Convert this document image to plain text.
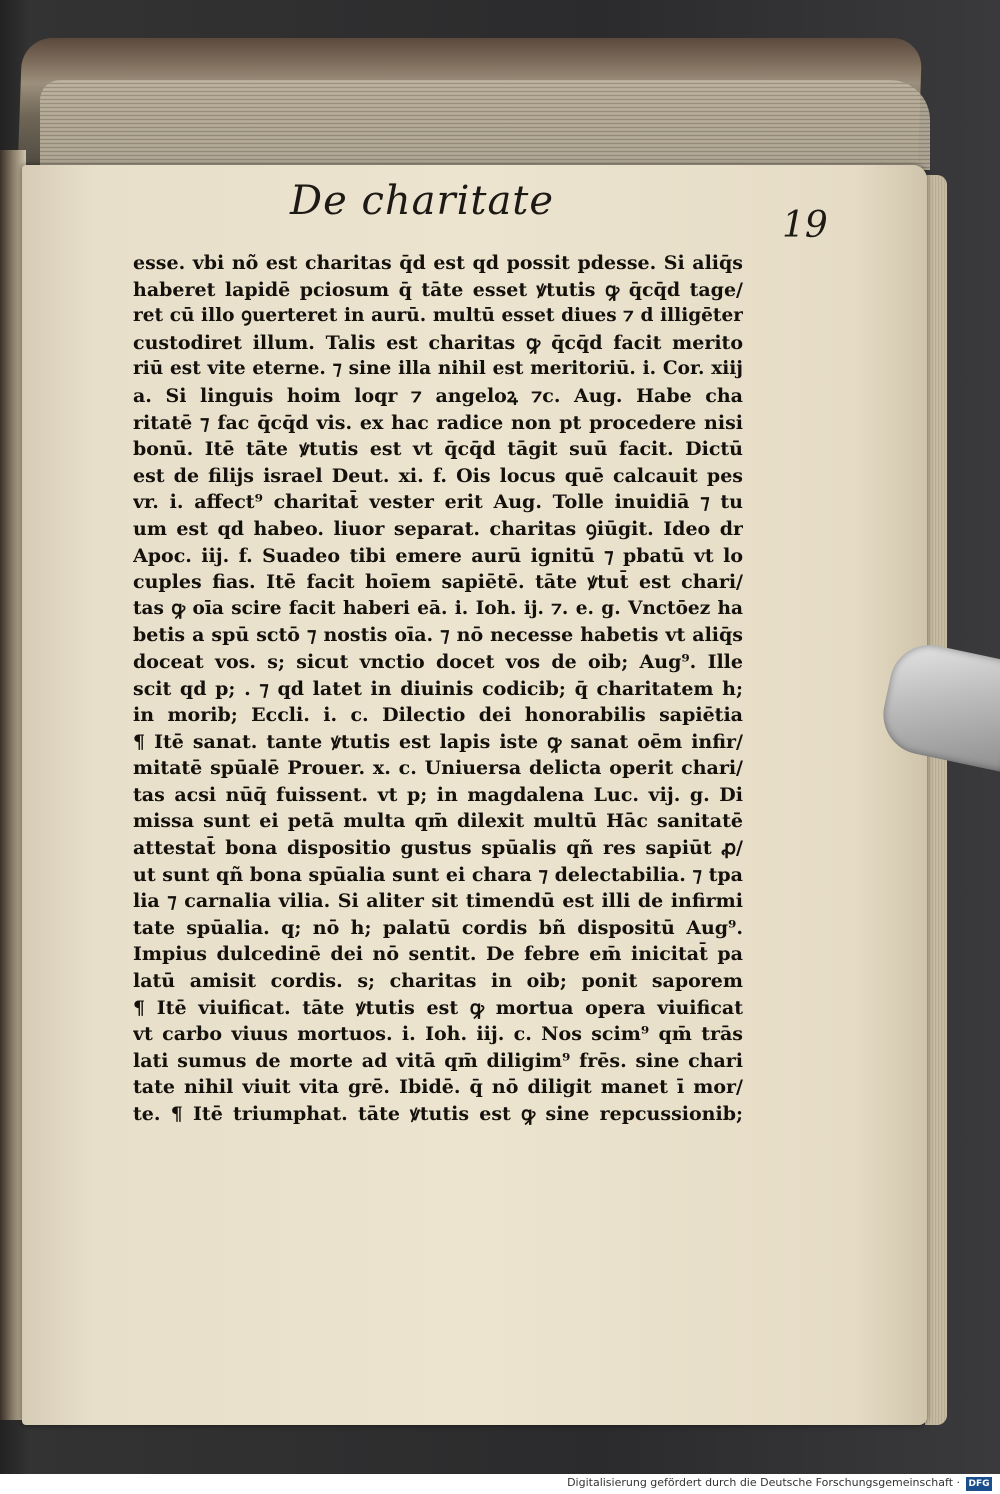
De charitate
19
esse. vbi nõ est charitas q̄d est qd possit pdesse. Si aliq̄s
haberet lapidē pciosum q̄ tāte esset ꝟtutis ꝙ q̄cq̄d tage/
ret cū illo ꝯuerteret in aurū. multū esset diues ⁊ d illigēter
custodiret illum. Talis est charitas ꝙ q̄cq̄d facit merito
riū est vite eterne. ⁊ sine illa nihil est meritoriū. i. Cor. xiij
a. Si linguis hoim loqr ⁊ angeloꝝ ⁊c. Aug. Habe cha
ritatē ⁊ fac q̄cq̄d vis. ex hac radice non pt procedere nisi
bonū. Itē tāte ꝟtutis est vt q̄cq̄d tāgit suū facit. Dictū
est de filijs israel Deut. xi. f. Ois locus quē calcauit pes
vr. i. affect⁹ charitat̄ vester erit Aug. Tolle inuidiā ⁊ tu
um est qd habeo. liuor separat. charitas ꝯiūgit. Ideo dr
Apoc. iij. f. Suadeo tibi emere aurū ignitū ⁊ pbatū vt lo
cuples fias. Itē facit hoīem sapiētē. tāte ꝟtut̄ est chari/
tas ꝙ oīa scire facit haberi eā. i. Ioh. ij. ⁊. e. g. Vnctōez ha
betis a spū sctō ⁊ nostis oīa. ⁊ nō necesse habetis vt aliq̄s
doceat vos. s; sicut vnctio docet vos de oib; Aug⁹. Ille
scit qd p; . ⁊ qd latet in diuinis codicib; q̄ charitatem h;
in morib; Eccli. i. c. Dilectio dei honorabilis sapiētia
¶ Itē sanat. tante ꝟtutis est lapis iste ꝙ sanat oēm infir/
mitatē spūalē Prouer. x. c. Uniuersa delicta operit chari/
tas acsi nūq̄ fuissent. vt p; in magdalena Luc. vij. g. Di
missa sunt ei petā multa qm̄ dilexit multū Hāc sanitatē
attestat̄ bona dispositio gustus spūalis qñ res sapiūt ꝓ/
ut sunt qñ bona spūalia sunt ei chara ⁊ delectabilia. ⁊ tpa
lia ⁊ carnalia vilia. Si aliter sit timendū est illi de infirmi
tate spūalia. q; nō h; palatū cordis bñ dispositū Aug⁹.
Impius dulcedinē dei nō sentit. De febre em̄ inicitat̄ pa
latū amisit cordis. s; charitas in oib; ponit saporem
¶ Itē viuificat. tāte ꝟtutis est ꝙ mortua opera viuificat
vt carbo viuus mortuos. i. Ioh. iij. c. Nos scim⁹ qm̄ trās
lati sumus de morte ad vitā qm̄ diligim⁹ frēs. sine chari
tate nihil viuit vita grē. Ibidē. q̄ nō diligit manet ī mor/
te. ¶ Itē triumphat. tāte ꝟtutis est ꝙ sine repcussionib;
Digitalisierung gefördert durch die Deutsche Forschungsgemeinschaft · DFG
